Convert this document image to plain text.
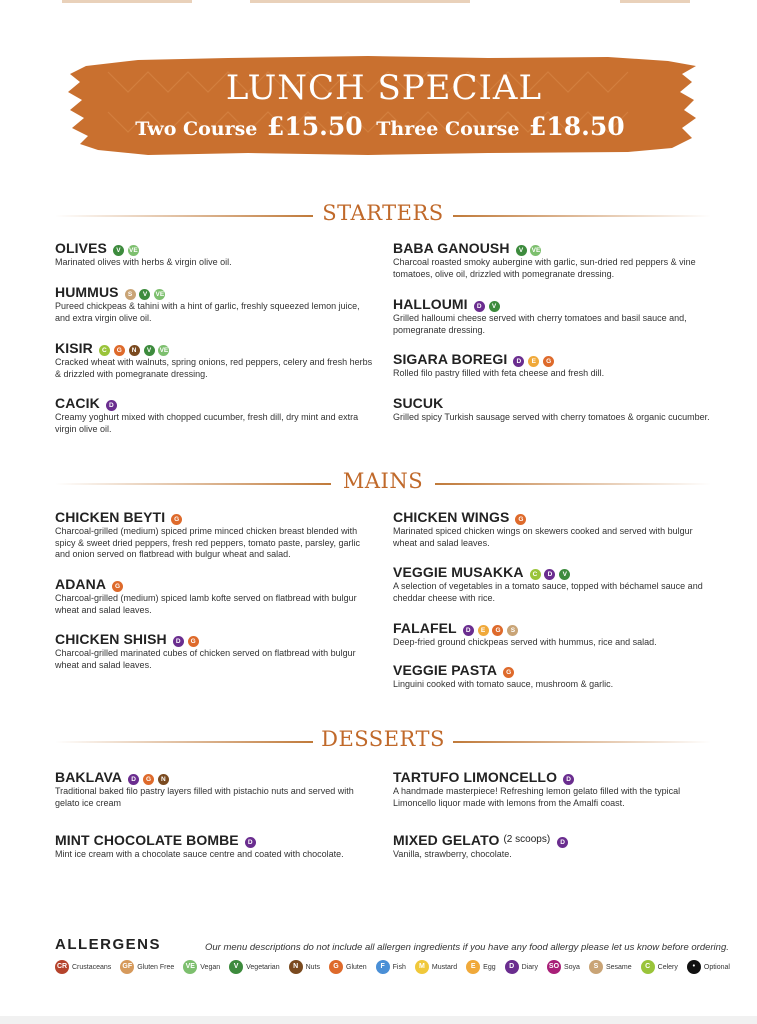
LUNCH SPECIAL
Two Course £15.50 Three Course £18.50
STARTERS
MAINS
DESSERTS
OLIVES	V VE
Marinated olives with herbs & virgin olive oil.
HUMMUS	S V VE
Pureed chickpeas & tahini with a hint of garlic, freshly squeezed lemon juice, and extra virgin olive oil.
KISIR	C G N V VE
Cracked wheat with walnuts, spring onions, red peppers, celery and fresh herbs & drizzled with pomegranate dressing.
CACIK	D
Creamy yoghurt mixed with chopped cucumber, fresh dill, dry mint and extra virgin olive oil.
BABA GANOUSH	V VE
Charcoal roasted smoky aubergine with garlic, sun-dried red peppers & vine tomatoes, olive oil, drizzled with pomegranate dressing.
HALLOUMI	D V
Grilled halloumi cheese served with cherry tomatoes and basil sauce and, pomegranate dressing.
SIGARA BOREGI	D E G
Rolled filo pastry filled with feta cheese and fresh dill.
SUCUK
Grilled spicy Turkish sausage served with cherry tomatoes & organic cucumber.
CHICKEN BEYTI	G
Charcoal-grilled (medium) spiced prime minced chicken breast blended with spicy & sweet dried peppers, fresh red peppers, tomato paste, parsley, garlic and onion served on flatbread with bulgur wheat and salad.
ADANA	G
Charcoal-grilled (medium) spiced lamb kofte served on flatbread with bulgur wheat and salad leaves.
CHICKEN SHISH	D G
Charcoal-grilled marinated cubes of chicken served on flatbread with bulgur wheat and salad leaves.
CHICKEN WINGS	G
Marinated spiced chicken wings on skewers cooked and served with bulgur wheat and salad leaves.
VEGGIE MUSAKKA	C D V
A selection of vegetables in a tomato sauce, topped with béchamel sauce and cheddar cheese with rice.
FALAFEL	D E G S
Deep-fried ground chickpeas served with hummus, rice and salad.
VEGGIE PASTA	G
Linguini cooked with tomato sauce, mushroom & garlic.
BAKLAVA	D G N
Traditional baked filo pastry layers filled with pistachio nuts and served with gelato ice cream
MINT CHOCOLATE BOMBE	D
Mint ice cream with a chocolate sauce centre and coated with chocolate.
TARTUFO LIMONCELLO	D
A handmade masterpiece! Refreshing lemon gelato filled with the typical Limoncello liquor made with lemons from the Amalfi coast.
MIXED GELATO (2 scoops)	D
Vanilla, strawberry, chocolate.
ALLERGENS	Our menu descriptions do not include all allergen ingredients if you have any food allergy please let us know before ordering.
CR Crustaceans	GF Gluten Free	VE Vegan	V	Vegetarian	N	Nuts	G	Gluten	F	Fish	M	Mustard	E	Egg	D	Diary SO Soya	S	Sesame	C	Celery	•	Optional
